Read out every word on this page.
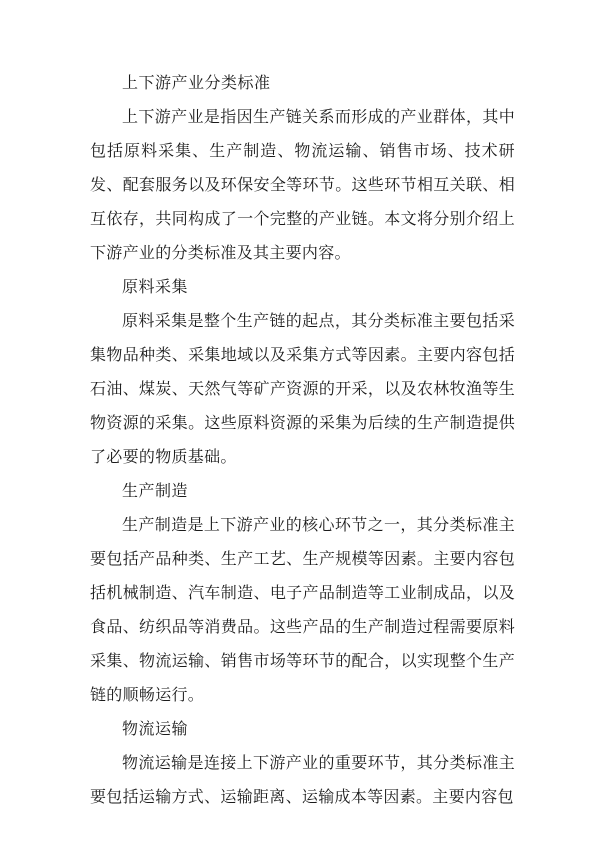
上下游产业分类标准

上下游产业是指因生产链关系而形成的产业群体，其中包括原料采集、生产制造、物流运输、销售市场、技术研发、配套服务以及环保安全等环节。这些环节相互关联、相互依存，共同构成了一个完整的产业链。本文将分别介绍上下游产业的分类标准及其主要内容。

原料采集

原料采集是整个生产链的起点，其分类标准主要包括采集物品种类、采集地域以及采集方式等因素。主要内容包括石油、煤炭、天然气等矿产资源的开采，以及农林牧渔等生物资源的采集。这些原料资源的采集为后续的生产制造提供了必要的物质基础。

生产制造

生产制造是上下游产业的核心环节之一，其分类标准主要包括产品种类、生产工艺、生产规模等因素。主要内容包括机械制造、汽车制造、电子产品制造等工业制成品，以及食品、纺织品等消费品。这些产品的生产制造过程需要原料采集、物流运输、销售市场等环节的配合，以实现整个生产链的顺畅运行。

物流运输

物流运输是连接上下游产业的重要环节，其分类标准主要包括运输方式、运输距离、运输成本等因素。主要内容包
